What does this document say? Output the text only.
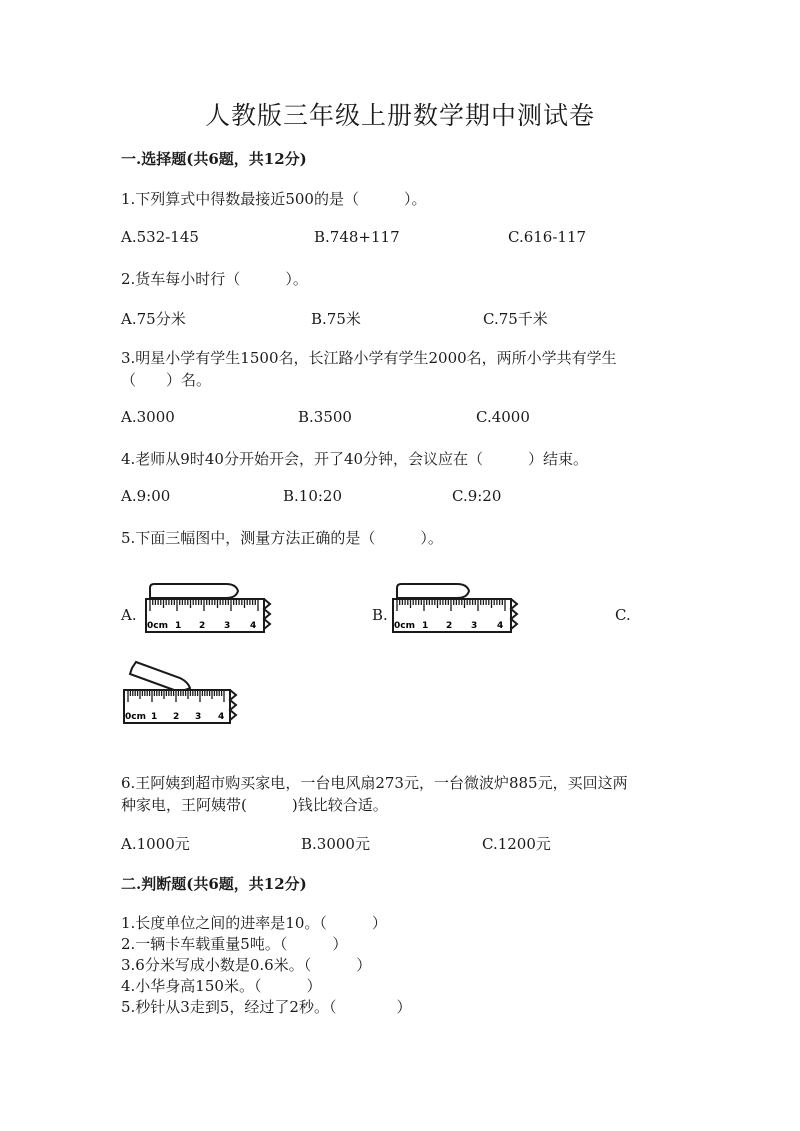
人教版三年级上册数学期中测试卷
一.选择题(共6题，共12分)
1.下列算式中得数最接近500的是（　　　）。
A.532-145	B.748+117	C.616-117
2.货车每小时行（　　　）。
A.75分米	B.75米	C.75千米
3.明星小学有学生1500名，长江路小学有学生2000名，两所小学共有学生
（　　）名。
A.3000	B.3500	C.4000
4.老师从9时40分开始开会，开了40分钟，会议应在（　　　）结束。
A.9:00	B.10:20	C.9:20
5.下面三幅图中，测量方法正确的是（　　　）。
A.	B.	C.
0cm 1 2 3 4	0cm 1 2 3 4
0cm 1 2 3 4
6.王阿姨到超市购买家电，一台电风扇273元，一台微波炉885元，买回这两
种家电，王阿姨带(　　　)钱比较合适。
A.1000元	B.3000元	C.1200元
二.判断题(共6题，共12分)
1.长度单位之间的进率是10。（　　　）
2.一辆卡车载重量5吨。（　　　）
3.6分米写成小数是0.6米。（　　　）
4.小华身高150米。（　　　）
5.秒针从3走到5，经过了2秒。（　　　　）
